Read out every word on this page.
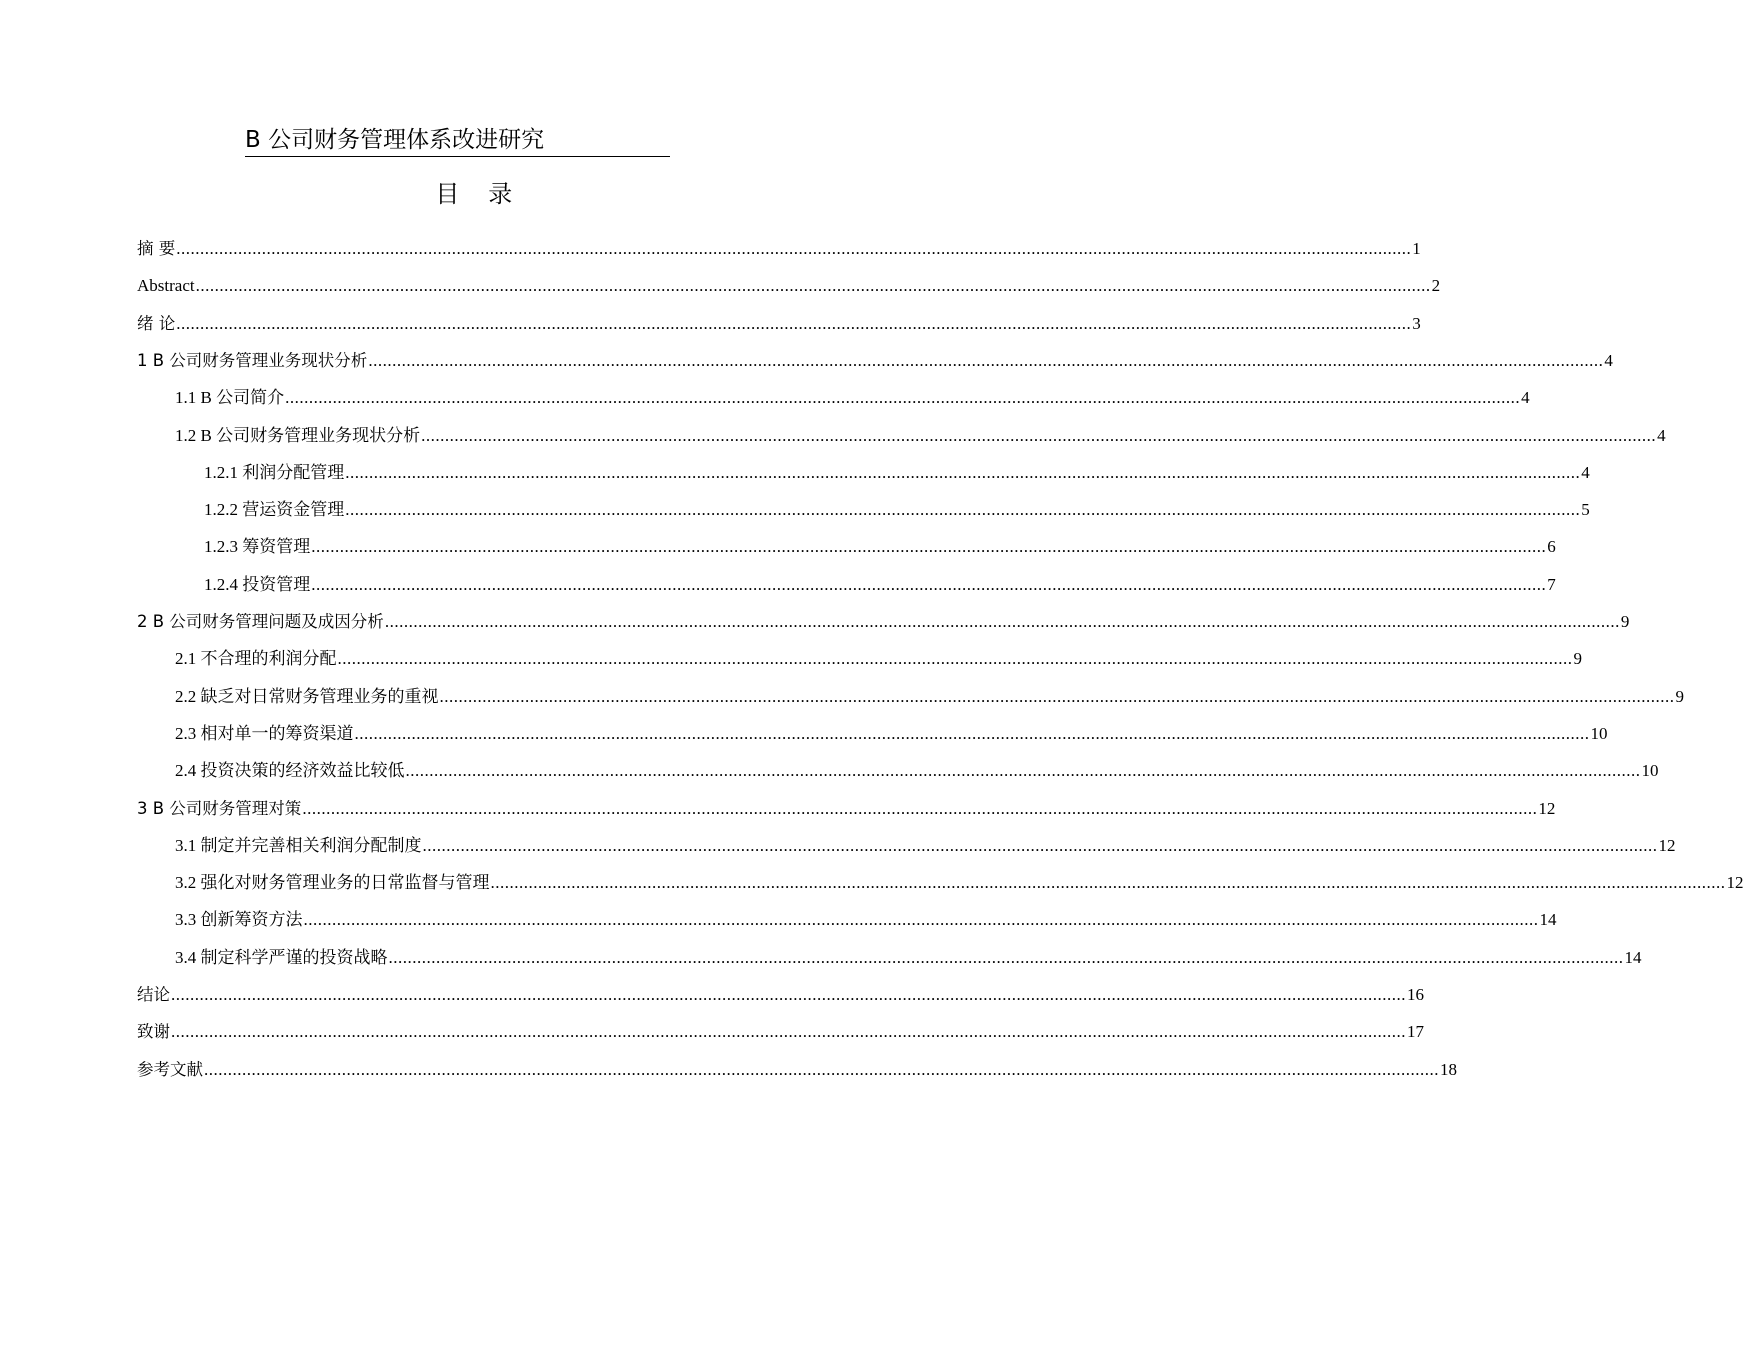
B 公司财务管理体系改进研究
目　录
摘 要 .................................................................................................................................................................................................................................................................... 1
Abstract .................................................................................................................................................................................................................................................................... 2
绪 论 .................................................................................................................................................................................................................................................................... 3
1 B 公司财务管理业务现状分析 .................................................................................................................................................................................................................................................................... 4
1.1 B 公司简介 .................................................................................................................................................................................................................................................................... 4
1.2 B 公司财务管理业务现状分析 .................................................................................................................................................................................................................................................................... 4
1.2.1 利润分配管理 .................................................................................................................................................................................................................................................................... 4
1.2.2 营运资金管理 .................................................................................................................................................................................................................................................................... 5
1.2.3 筹资管理 .................................................................................................................................................................................................................................................................... 6
1.2.4 投资管理 .................................................................................................................................................................................................................................................................... 7
2 B 公司财务管理问题及成因分析 .................................................................................................................................................................................................................................................................... 9
2.1 不合理的利润分配 .................................................................................................................................................................................................................................................................... 9
2.2 缺乏对日常财务管理业务的重视 .................................................................................................................................................................................................................................................................... 9
2.3 相对单一的筹资渠道 .................................................................................................................................................................................................................................................................... 10
2.4 投资决策的经济效益比较低 .................................................................................................................................................................................................................................................................... 10
3 B 公司财务管理对策 .................................................................................................................................................................................................................................................................... 12
3.1 制定并完善相关利润分配制度 .................................................................................................................................................................................................................................................................... 12
3.2 强化对财务管理业务的日常监督与管理 .................................................................................................................................................................................................................................................................... 12
3.3 创新筹资方法 .................................................................................................................................................................................................................................................................... 14
3.4 制定科学严谨的投资战略 .................................................................................................................................................................................................................................................................... 14
结论 .................................................................................................................................................................................................................................................................... 16
致谢 .................................................................................................................................................................................................................................................................... 17
参考文献 .................................................................................................................................................................................................................................................................... 18
